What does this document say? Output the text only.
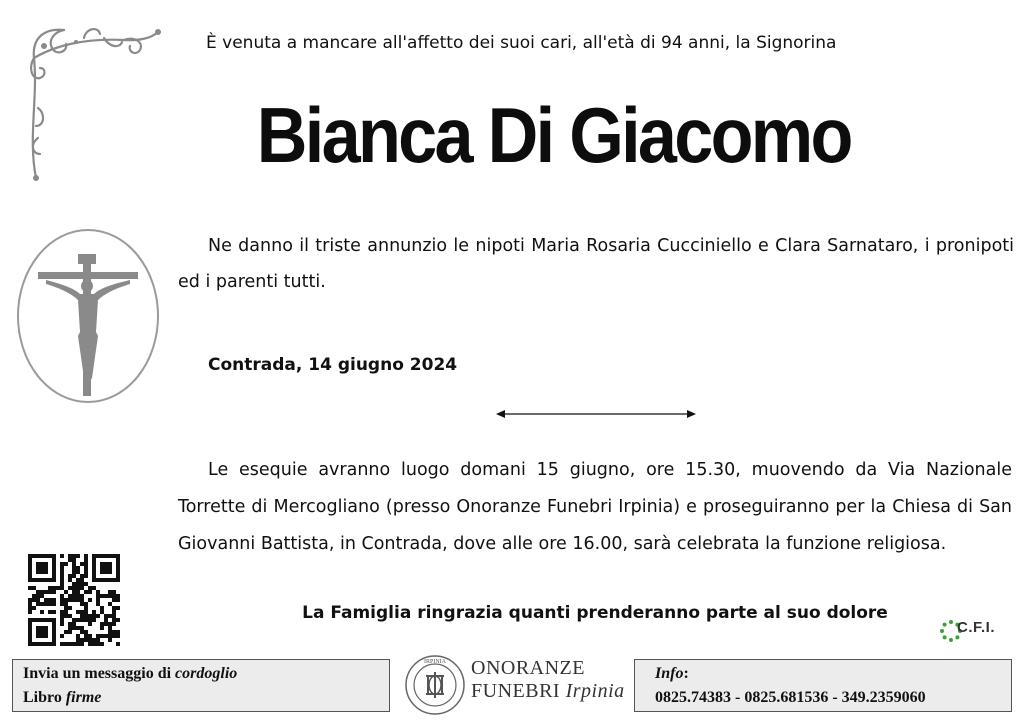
È venuta a mancare all'affetto dei suoi cari, all'età di 94 anni, la Signorina
Bianca Di Giacomo
Ne danno il triste annunzio le nipoti Maria Rosaria Cucciniello e Clara Sarnataro, i pronipoti ed i parenti tutti.
Contrada, 14 giugno 2024
Le esequie avranno luogo domani 15 giugno, ore 15.30, muovendo da Via Nazionale Torrette di Mercogliano (presso Onoranze Funebri Irpinia) e proseguiranno per la Chiesa di San Giovanni Battista, in Contrada, dove alle ore 16.00, sarà celebrata la funzione religiosa.
La Famiglia ringrazia quanti prenderanno parte al suo dolore
C.F.I.
Invia un messaggio di cordoglio
Libro firme
IRPINIA ONORANZE
FUNEBRI Irpinia
Info:
0825.74383 - 0825.681536 - 349.2359060
